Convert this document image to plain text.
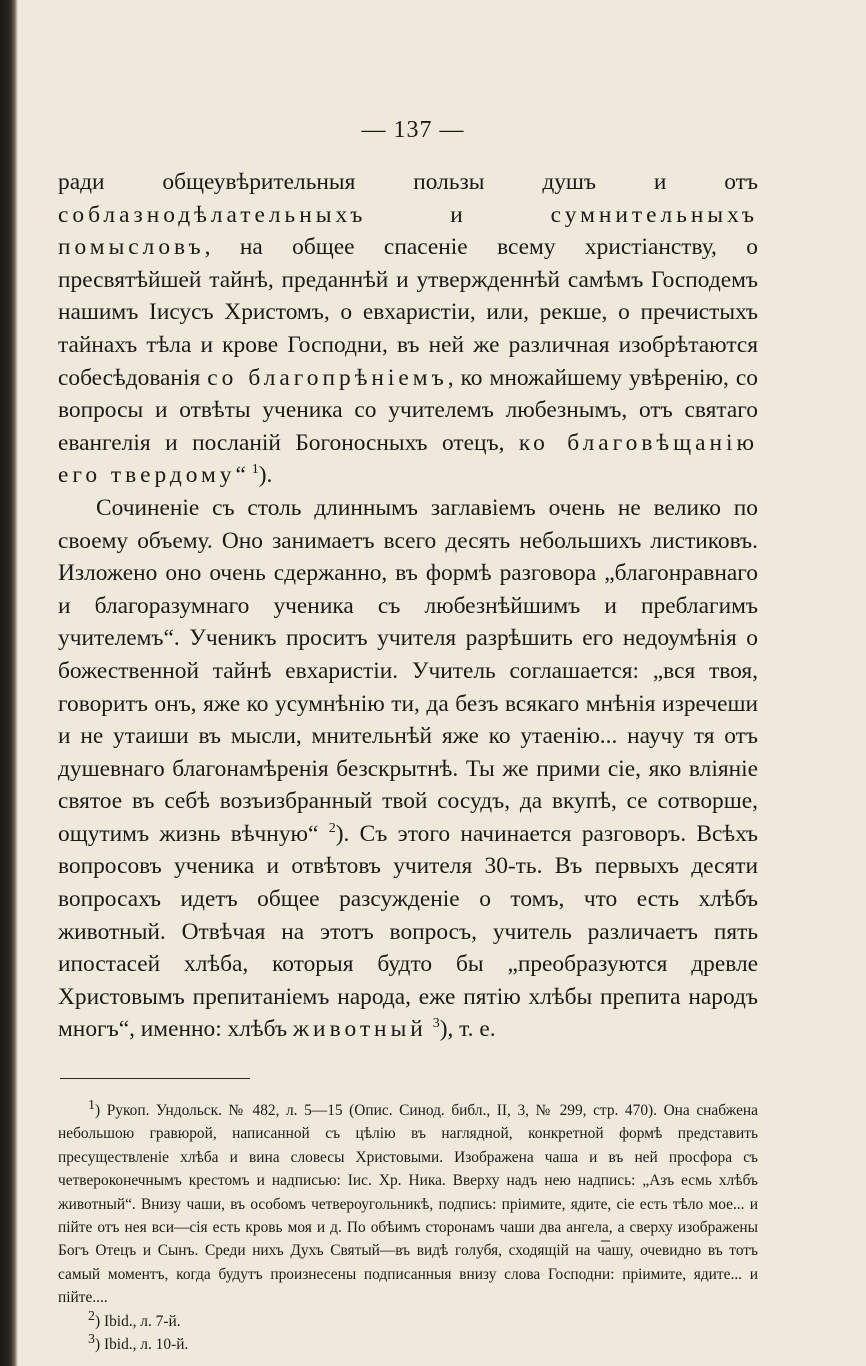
— 137 —

ради общеувѣрительныя пользы душъ и отъ соблазнодѣлательныхъ и сумнительныхъ помысловъ, на общее спасеніе всему христіанству, о пресвятѣйшей тайнѣ, преданнѣй и утвержденнѣй самѣмъ Господемъ нашимъ Іисусъ Христомъ, о евхаристіи, или, рекше, о пречистыхъ тайнахъ тѣла и крове Господни, въ ней же различная изобрѣтаются собесѣдованія со благопрѣніемъ, ко множайшему увѣренію, со вопросы и отвѣты ученика со учителемъ любезнымъ, отъ святаго евангелія и посланій Богоносныхъ отецъ, ко благовѣщанію его твердому“ $^1$).

Сочиненіе съ столь длиннымъ заглавіемъ очень не велико по своему объему. Оно занимаетъ всего десять небольшихъ листиковъ. Изложено оно очень сдержанно, въ формѣ разговора „благонравнаго и благоразумнаго ученика съ любезнѣйшимъ и преблагимъ учителемъ“. Ученикъ проситъ учителя разрѣшить его недоумѣнія о божественной тайнѣ евхаристіи. Учитель соглашается: „вся твоя, говоритъ онъ, яже ко усумнѣнію ти, да безъ всякаго мнѣнія изречеши и не утаиши въ мысли, мнительнѣй яже ко утаенію... научу тя отъ душевнаго благонамѣренія безскрытнѣ. Ты же прими сіе, яко вліяніе святое въ себѣ возъизбранный твой сосудъ, да вкупѣ, се сотворше, ощутимъ жизнь вѣчную“ $^2$). Съ этого начинается разговоръ. Всѣхъ вопросовъ ученика и отвѣтовъ учителя 30-ть. Въ первыхъ десяти вопросахъ идетъ общее разсужденіе о томъ, что есть хлѣбъ животный. Отвѣчая на этотъ вопросъ, учитель различаетъ пять ипостасей хлѣба, которыя будто бы „преобразуются древле Христовымъ препитаніемъ народа, еже пятію хлѣбы препита народъ многъ“, именно: хлѣбъ животный $^3$), т. е.

$^1$) Рукоп. Ундольск. № 482, л. 5—15 (Опис. Синод. библ., II, 3, № 299, стр. 470). Она снабжена небольшою гравюрой, написанной съ цѣлію въ наглядной, конкретной формѣ представить пресуществленіе хлѣба и вина словесы Христовыми. Изображена чаша и въ ней просфора съ четвероконечнымъ крестомъ и надписью: Іис. Хр. Ника. Вверху надъ нею надпись: „Азъ есмь хлѣбъ животный“. Внизу чаши, въ особомъ четвероугольникѣ, подпись: пріимите, ядите, сіе есть тѣло мое... и пійте отъ нея вси—сія есть кровь моя и д. По обѣимъ сторонамъ чаши два ангела, а сверху изображены Богъ Отецъ и Сынъ. Среди нихъ Духъ Святый—въ видѣ голубя, сходящій на чашу, очевидно въ тотъ самый моментъ, когда будутъ произнесены подписанныя внизу слова Господни: пріимите, ядите... и пійте....

$^2$) Ibid., л. 7-й.

$^3$) Ibid., л. 10-й.
